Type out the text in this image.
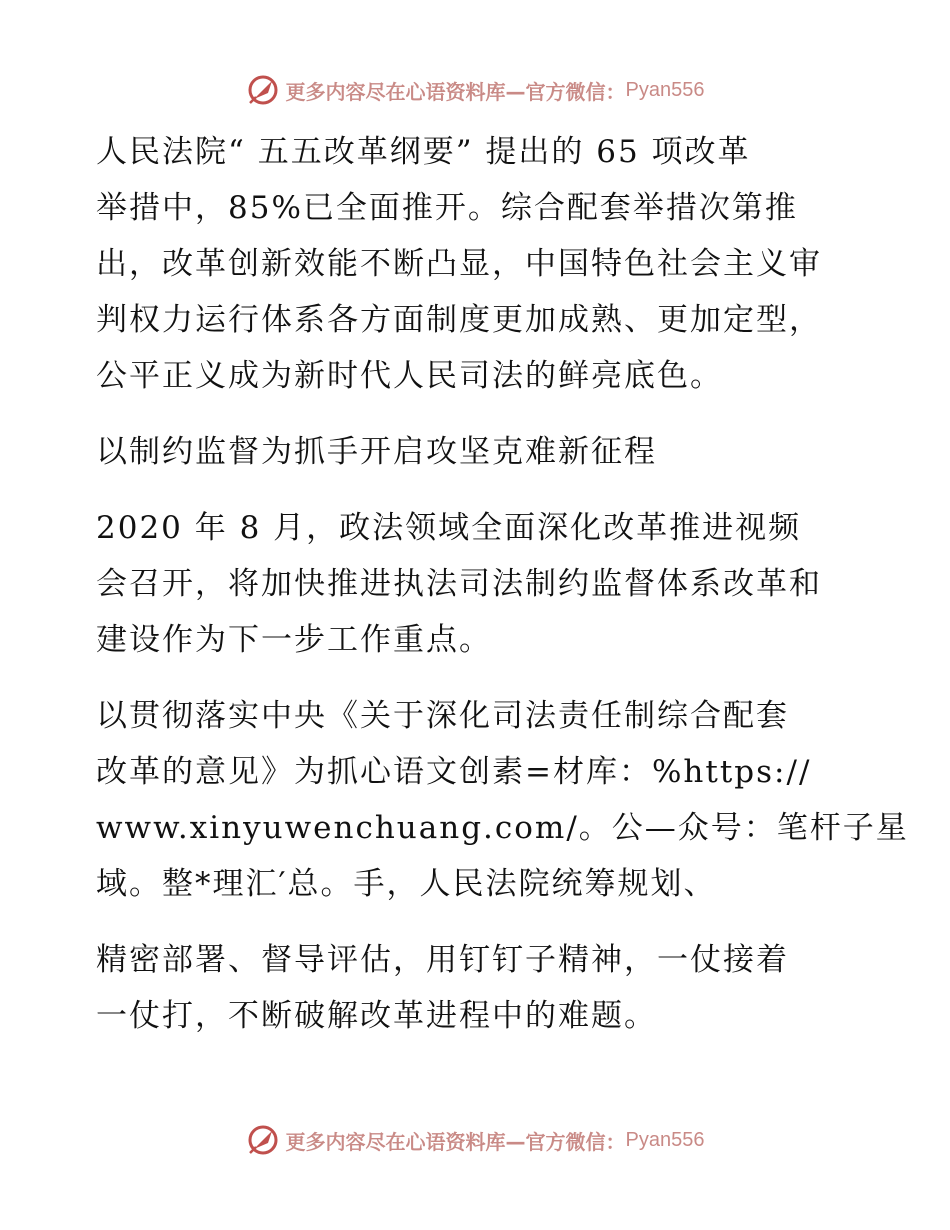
更多内容尽在心语资料库—官方微信： Pyan556
人民法院“ 五五改革纲要” 提出的 65 项改革
举措中，85%已全面推开。综合配套举措次第推
出，改革创新效能不断凸显，中国特色社会主义审
判权力运行体系各方面制度更加成熟、更加定型，
公平正义成为新时代人民司法的鲜亮底色。
以制约监督为抓手开启攻坚克难新征程
2020 年 8 月，政法领域全面深化改革推进视频
会召开，将加快推进执法司法制约监督体系改革和
建设作为下一步工作重点。
以贯彻落实中央《关于深化司法责任制综合配套
改革的意见》为抓心语文创素=材库：%https://
www.xinyuwenchuang.com/。公—众号：笔杆子星
域。整*理汇′总。手，人民法院统筹规划、
精密部署、督导评估，用钉钉子精神，一仗接着
一仗打，不断破解改革进程中的难题。
更多内容尽在心语资料库—官方微信： Pyan556
